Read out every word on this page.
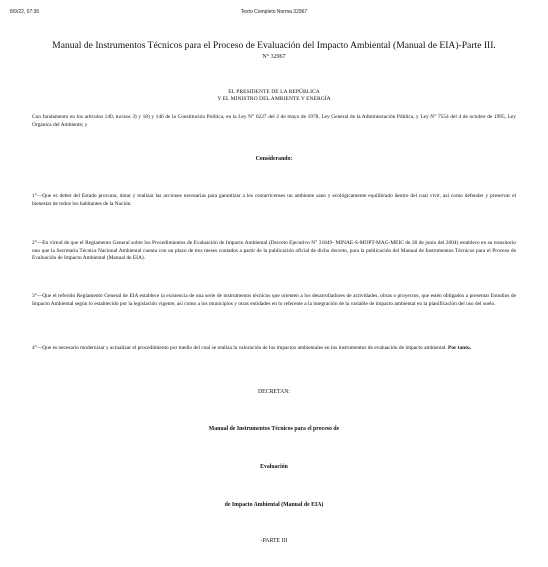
8/9/22, 07:36	Texto Completo Norma 32967
Manual de Instrumentos Técnicos para el Proceso de Evaluación del Impacto Ambiental (Manual de EIA)-Parte III.
N° 32967
EL PRESIDENTE DE LA REPÚBLICA
Y EL MINISTRO DEL AMBIENTE Y ENERGÍA
Con fundamento en los artículos 140, incisos 3) y 18) y 146 de la Constitución Política, en la Ley N° 6227 del 2 de mayo de 1978, Ley General de la Administración Pública, y Ley N° 7554 del 4 de octubre de 1995, Ley Orgánica del Ambiente; y
Considerando:
1°—Que es deber del Estado procurar, dotar y realizar las acciones necesarias para garantizar a los costarricenses un ambiente sano y ecológicamente equilibrado dentro del cual vivir, así como defender y preservar el bienestar de todos los habitantes de la Nación.
2°—En virtud de que el Reglamento General sobre los Procedimientos de Evaluación de Impacto Ambiental (Decreto Ejecutivo N° 31849- MINAE-S-MOPT-MAG-MEIC de 28 de junio del 2004) establece en su transitorio uno que la Secretaría Técnica Nacional Ambiental cuenta con un plazo de tres meses contados a partir de la publicación oficial de dicho decreto, para la publicación del Manual de Instrumentos Técnicos para el Proceso de Evaluación de Impacto Ambiental (Manual de EIA).
3°—Que el referido Reglamento General de EIA establece la existencia de una serie de instrumentos técnicos que orienten a los desarrolladores de actividades, obras o proyectos, que estén obligados a presentar Estudios de Impacto Ambiental según lo establecido por la legislación vigente, así como a los municipios y otras entidades en lo referente a la integración de la variable de impacto ambiental en la planificación del uso del suelo.
4°—Que es necesario modernizar y actualizar el procedimiento por medio del cual se realiza la valoración de los impactos ambientales en los instrumentos de evaluación de impacto ambiental. Por tanto,
DECRETAN:
Manual de Instrumentos Técnicos para el proceso de
Evaluación
de Impacto Ambiental (Manual de EIA)
-PARTE III
